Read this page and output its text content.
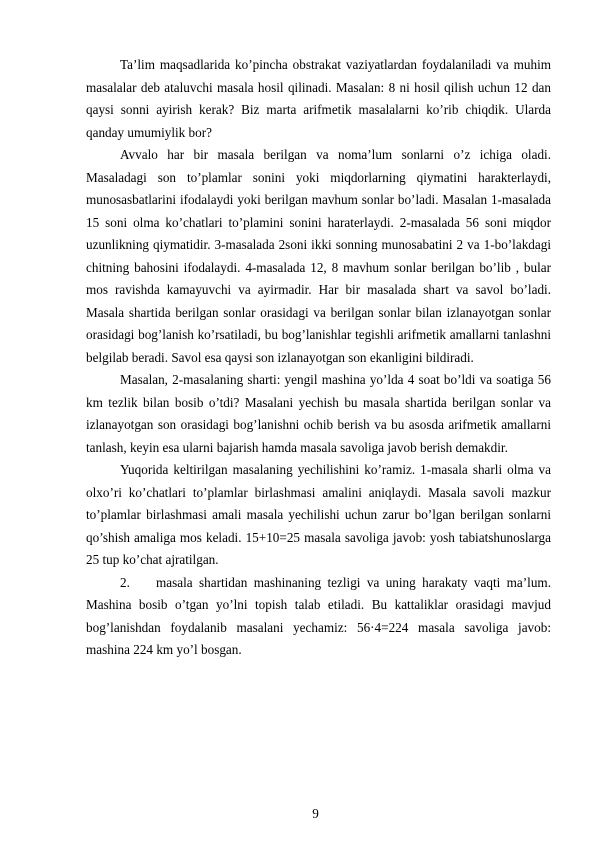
Ta’lim maqsadlarida ko’pincha obstrakat vaziyatlardan foydalaniladi va muhim masalalar deb ataluvchi masala hosil qilinadi. Masalan: 8 ni hosil qilish uchun 12 dan qaysi sonni ayirish kerak? Biz marta arifmetik masalalarni ko’rib chiqdik. Ularda qanday umumiylik bor?

Avvalo har bir masala berilgan va noma’lum sonlarni o’z ichiga oladi. Masaladagi son to’plamlar sonini yoki miqdorlarning qiymatini harakterlaydi, munosasbatlarini ifodalaydi yoki berilgan mavhum sonlar bo’ladi. Masalan 1-masalada 15 soni olma ko’chatlari to’plamini sonini haraterlaydi. 2-masalada 56 soni miqdor uzunlikning qiymatidir. 3-masalada 2soni ikki sonning munosabatini 2 va 1-bo’lakdagi chitning bahosini ifodalaydi. 4-masalada 12, 8 mavhum sonlar berilgan bo’lib , bular mos ravishda kamayuvchi va ayirmadir. Har bir masalada shart va savol bo’ladi. Masala shartida berilgan sonlar orasidagi va berilgan sonlar bilan izlanayotgan sonlar orasidagi bog’lanish ko’rsatiladi, bu bog’lanishlar tegishli arifmetik amallarni tanlashni belgilab beradi. Savol esa qaysi son izlanayotgan son ekanligini bildiradi.

Masalan, 2-masalaning sharti: yengil mashina yo’lda 4 soat bo’ldi va soatiga 56 km tezlik bilan bosib o’tdi? Masalani yechish bu masala shartida berilgan sonlar va izlanayotgan son orasidagi bog’lanishni ochib berish va bu asosda arifmetik amallarni tanlash, keyin esa ularni bajarish hamda masala savoliga javob berish demakdir.

Yuqorida keltirilgan masalaning yechilishini ko’ramiz. 1-masala sharli olma va olxo’ri ko’chatlari to’plamlar birlashmasi amalini aniqlaydi. Masala savoli mazkur to’plamlar birlashmasi amali masala yechilishi uchun zarur bo’lgan berilgan sonlarni qo’shish amaliga mos keladi. 15+10=25 masala savoliga javob: yosh tabiatshunoslarga 25 tup ko’chat ajratilgan.

2. masala shartidan mashinaning tezligi va uning harakaty vaqti ma’lum. Mashina bosib o’tgan yo’lni topish talab etiladi. Bu kattaliklar orasidagi mavjud bog’lanishdan foydalanib masalani yechamiz: 56·4=224 masala savoliga javob: mashina 224 km yo’l bosgan.

9
